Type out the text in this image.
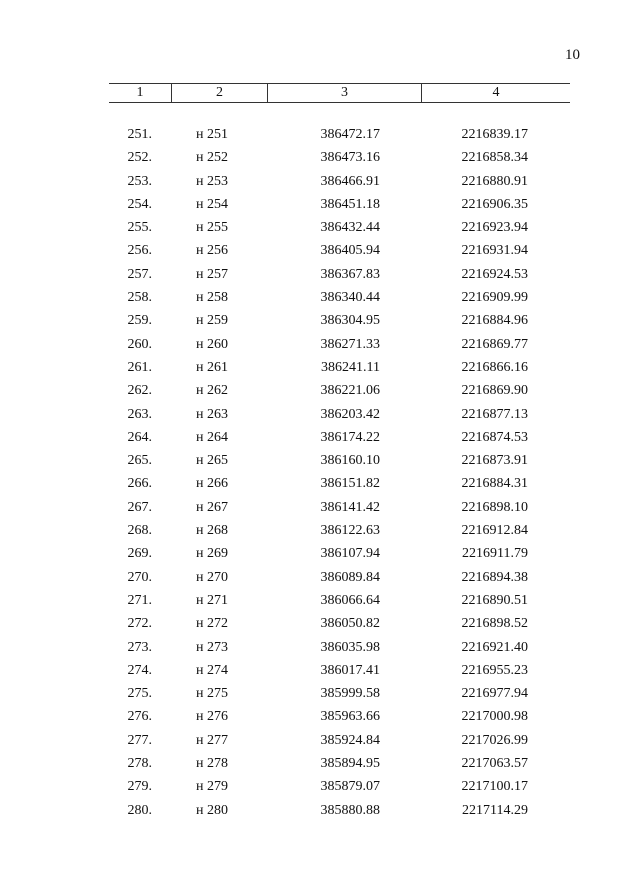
10
1	2	3	4
251.	н 251	386472.17	2216839.17
252.	н 252	386473.16	2216858.34
253.	н 253	386466.91	2216880.91
254.	н 254	386451.18	2216906.35
255.	н 255	386432.44	2216923.94
256.	н 256	386405.94	2216931.94
257.	н 257	386367.83	2216924.53
258.	н 258	386340.44	2216909.99
259.	н 259	386304.95	2216884.96
260.	н 260	386271.33	2216869.77
261.	н 261	386241.11	2216866.16
262.	н 262	386221.06	2216869.90
263.	н 263	386203.42	2216877.13
264.	н 264	386174.22	2216874.53
265.	н 265	386160.10	2216873.91
266.	н 266	386151.82	2216884.31
267.	н 267	386141.42	2216898.10
268.	н 268	386122.63	2216912.84
269.	н 269	386107.94	2216911.79
270.	н 270	386089.84	2216894.38
271.	н 271	386066.64	2216890.51
272.	н 272	386050.82	2216898.52
273.	н 273	386035.98	2216921.40
274.	н 274	386017.41	2216955.23
275.	н 275	385999.58	2216977.94
276.	н 276	385963.66	2217000.98
277.	н 277	385924.84	2217026.99
278.	н 278	385894.95	2217063.57
279.	н 279	385879.07	2217100.17
280.	н 280	385880.88	2217114.29
